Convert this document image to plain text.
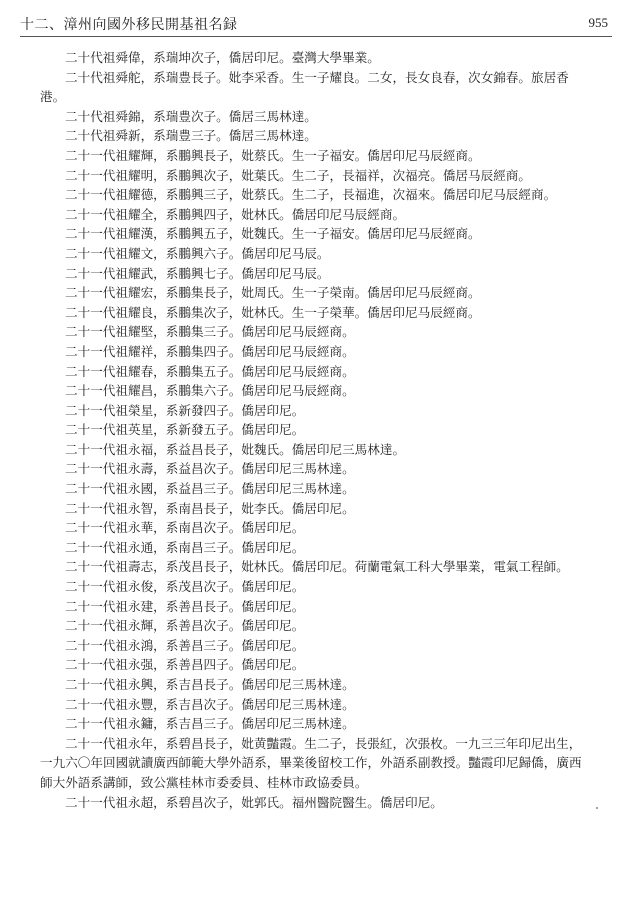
十二、漳州向國外移民開基祖名録	955

二十代祖舜偉，系瑞坤次子，僑居印尼。臺灣大學畢業。

二十代祖舜舵，系瑞豊長子。妣李采香。生一子耀良。二女，長女良春，次女錦春。旅居香港。

二十代祖舜錦，系瑞豊次子。僑居三馬林達。

二十代祖舜新，系瑞豊三子。僑居三馬林達。

二十一代祖耀輝，系鵬興長子，妣蔡氏。生一子福安。僑居印尼马辰經商。

二十一代祖耀明，系鵬興次子，妣葉氏。生二子，長福祥，次福亮。僑居马辰經商。

二十一代祖耀德，系鵬興三子，妣蔡氏。生二子，長福進，次福來。僑居印尼马辰經商。

二十一代祖耀全，系鵬興四子，妣林氏。僑居印尼马辰經商。

二十一代祖耀漢，系鵬興五子，妣魏氏。生一子福安。僑居印尼马辰經商。

二十一代祖耀文，系鵬興六子。僑居印尼马辰。

二十一代祖耀武，系鵬興七子。僑居印尼马辰。

二十一代祖耀宏，系鵬集長子，妣周氏。生一子榮南。僑居印尼马辰經商。

二十一代祖耀良，系鵬集次子，妣林氏。生一子榮華。僑居印尼马辰經商。

二十一代祖耀堅，系鵬集三子。僑居印尼马辰經商。

二十一代祖耀祥，系鵬集四子。僑居印尼马辰經商。

二十一代祖耀春，系鵬集五子。僑居印尼马辰經商。

二十一代祖耀昌，系鵬集六子。僑居印尼马辰經商。

二十一代祖榮星，系新發四子。僑居印尼。

二十一代祖英星，系新發五子。僑居印尼。

二十一代祖永福，系益昌長子，妣魏氏。僑居印尼三馬林達。

二十一代祖永壽，系益昌次子。僑居印尼三馬林達。

二十一代祖永國，系益昌三子。僑居印尼三馬林達。

二十一代祖永智，系南昌長子，妣李氏。僑居印尼。

二十一代祖永華，系南昌次子。僑居印尼。

二十一代祖永通，系南昌三子。僑居印尼。

二十一代祖壽志，系茂昌長子，妣林氏。僑居印尼。荷蘭電氣工科大學畢業，電氣工程師。

二十一代祖永俊，系茂昌次子。僑居印尼。

二十一代祖永建，系善昌長子。僑居印尼。

二十一代祖永輝，系善昌次子。僑居印尼。

二十一代祖永鴻，系善昌三子。僑居印尼。

二十一代祖永强，系善昌四子。僑居印尼。

二十一代祖永興，系吉昌長子。僑居印尼三馬林達。

二十一代祖永豐，系吉昌次子。僑居印尼三馬林達。

二十一代祖永鏞，系吉昌三子。僑居印尼三馬林達。

二十一代祖永年，系碧昌長子，妣黄豔霞。生二子，長張紅，次張枚。一九三三年印尼出生，一九六〇年回國就讀廣西師範大學外語系，畢業後留校工作，外語系副教授。豔霞印尼歸僑，廣西師大外語系講師，致公黨桂林市委委員、桂林市政協委員。

二十一代祖永超，系碧昌次子，妣郭氏。福州醫院醫生。僑居印尼。
